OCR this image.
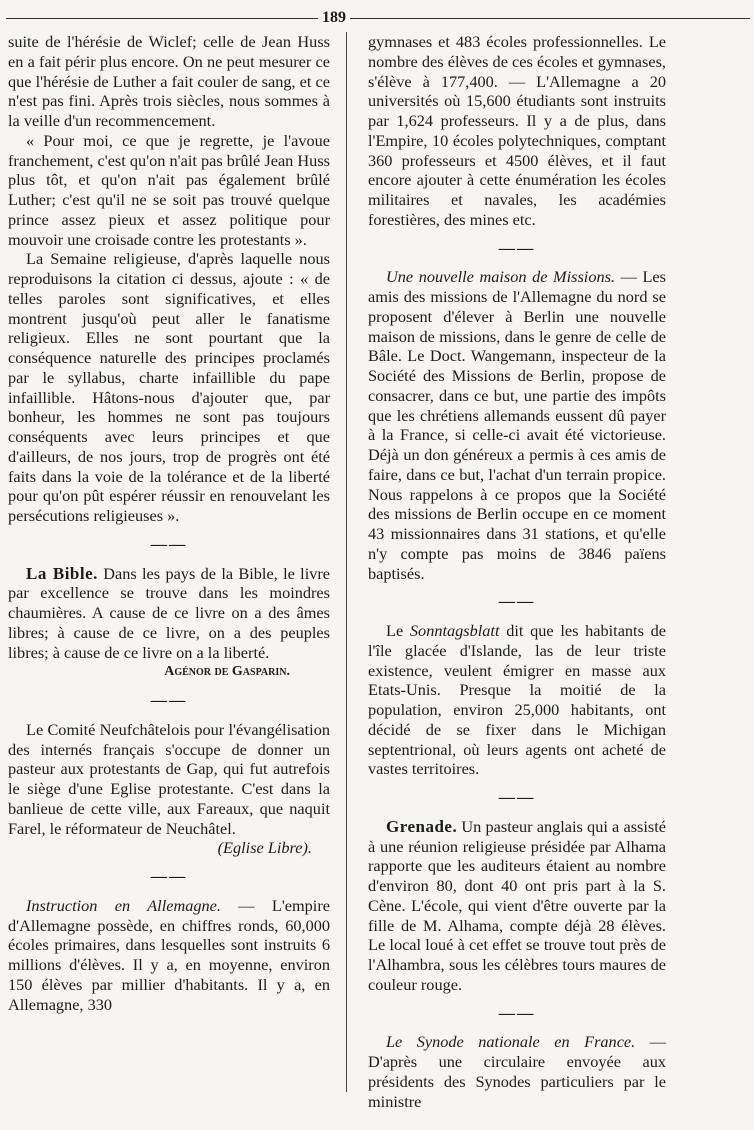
189

suite de l'hérésie de Wiclef; celle de Jean Huss en a fait périr plus encore. On ne peut mesurer ce que l'hérésie de Luther a fait couler de sang, et ce n'est pas fini. Après trois siècles, nous sommes à la veille d'un recommencement.

« Pour moi, ce que je regrette, je l'avoue franchement, c'est qu'on n'ait pas brûlé Jean Huss plus tôt, et qu'on n'ait pas également brûlé Luther; c'est qu'il ne se soit pas trouvé quelque prince assez pieux et assez politique pour mouvoir une croisade contre les protestants ».

La Semaine religieuse, d'après laquelle nous reproduisons la citation ci dessus, ajoute : « de telles paroles sont significatives, et elles montrent jusqu'où peut aller le fanatisme religieux. Elles ne sont pourtant que la conséquence naturelle des principes proclamés par le syllabus, charte infaillible du pape infaillible. Hâtons-nous d'ajouter que, par bonheur, les hommes ne sont pas toujours conséquents avec leurs principes et que d'ailleurs, de nos jours, trop de progrès ont été faits dans la voie de la tolérance et de la liberté pour qu'on pût espérer réussir en renouvelant les persécutions religieuses ».

——

La Bible. Dans les pays de la Bible, le livre par excellence se trouve dans les moindres chaumières. A cause de ce livre on a des âmes libres; à cause de ce livre, on a des peuples libres; à cause de ce livre on a la liberté.

Agénor de Gasparin.

——

Le Comité Neufchâtelois pour l'évangélisation des internés français s'occupe de donner un pasteur aux protestants de Gap, qui fut autrefois le siège d'une Eglise protestante. C'est dans la banlieue de cette ville, aux Fareaux, que naquit Farel, le réformateur de Neuchâtel.

(Eglise Libre).

——

Instruction en Allemagne. — L'empire d'Allemagne possède, en chiffres ronds, 60,000 écoles primaires, dans lesquelles sont instruits 6 millions d'élèves. Il y a, en moyenne, environ 150 élèves par millier d'habitants. Il y a, en Allemagne, 330

gymnases et 483 écoles professionnelles. Le nombre des élèves de ces écoles et gymnases, s'élève à 177,400. — L'Allemagne a 20 universités où 15,600 étudiants sont instruits par 1,624 professeurs. Il y a de plus, dans l'Empire, 10 écoles polytechniques, comptant 360 professeurs et 4500 élèves, et il faut encore ajouter à cette énumération les écoles militaires et navales, les académies forestières, des mines etc.

——

Une nouvelle maison de Missions. — Les amis des missions de l'Allemagne du nord se proposent d'élever à Berlin une nouvelle maison de missions, dans le genre de celle de Bâle. Le Doct. Wangemann, inspecteur de la Société des Missions de Berlin, propose de consacrer, dans ce but, une partie des impôts que les chrétiens allemands eussent dû payer à la France, si celle-ci avait été victorieuse. Déjà un don généreux a permis à ces amis de faire, dans ce but, l'achat d'un terrain propice. Nous rappelons à ce propos que la Société des missions de Berlin occupe en ce moment 43 missionnaires dans 31 stations, et qu'elle n'y compte pas moins de 3846 païens baptisés.

——

Le Sonntagsblatt dit que les habitants de l'île glacée d'Islande, las de leur triste existence, veulent émigrer en masse aux Etats-Unis. Presque la moitié de la population, environ 25,000 habitants, ont décidé de se fixer dans le Michigan septentrional, où leurs agents ont acheté de vastes territoires.

——

Grenade. Un pasteur anglais qui a assisté à une réunion religieuse présidée par Alhama rapporte que les auditeurs étaient au nombre d'environ 80, dont 40 ont pris part à la S. Cène. L'école, qui vient d'être ouverte par la fille de M. Alhama, compte déjà 28 élèves. Le local loué à cet effet se trouve tout près de l'Alhambra, sous les célèbres tours maures de couleur rouge.

——

Le Synode nationale en France. — D'après une circulaire envoyée aux présidents des Synodes particuliers par le ministre
